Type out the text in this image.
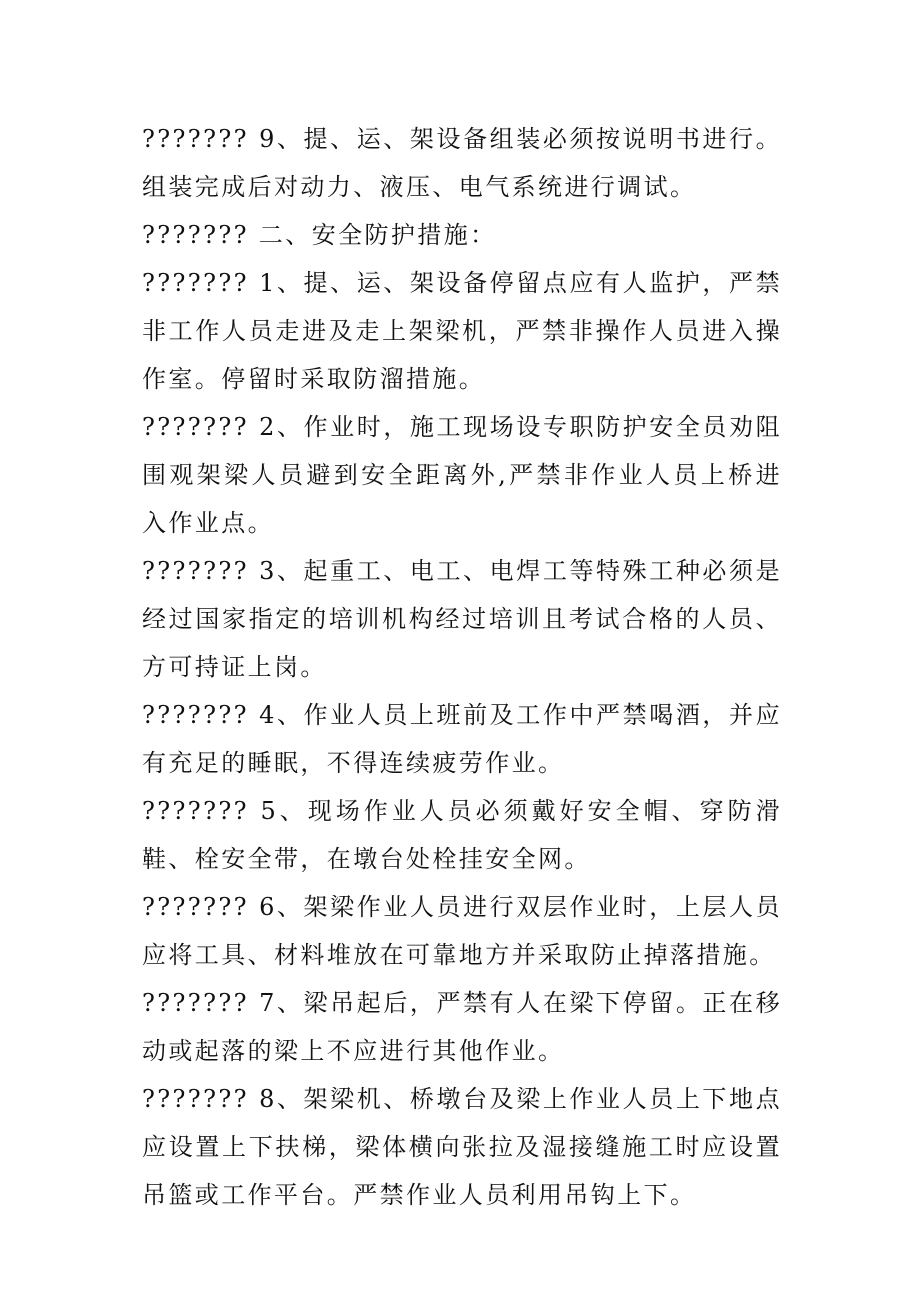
??????? 9、提、运、架设备组装必须按说明书进行。组装完成后对动力、液压、电气系统进行调试。

??????? 二、安全防护措施：

??????? 1、提、运、架设备停留点应有人监护，严禁非工作人员走进及走上架梁机，严禁非操作人员进入操作室。停留时采取防溜措施。

??????? 2、作业时，施工现场设专职防护安全员劝阻围观架梁人员避到安全距离外,严禁非作业人员上桥进入作业点。

??????? 3、起重工、电工、电焊工等特殊工种必须是经过国家指定的培训机构经过培训且考试合格的人员、方可持证上岗。

??????? 4、作业人员上班前及工作中严禁喝酒，并应有充足的睡眠，不得连续疲劳作业。

??????? 5、现场作业人员必须戴好安全帽、穿防滑鞋、栓安全带，在墩台处栓挂安全网。

??????? 6、架梁作业人员进行双层作业时，上层人员应将工具、材料堆放在可靠地方并采取防止掉落措施。

??????? 7、梁吊起后，严禁有人在梁下停留。正在移动或起落的梁上不应进行其他作业。

??????? 8、架梁机、桥墩台及梁上作业人员上下地点应设置上下扶梯，梁体横向张拉及湿接缝施工时应设置吊篮或工作平台。严禁作业人员利用吊钩上下。
